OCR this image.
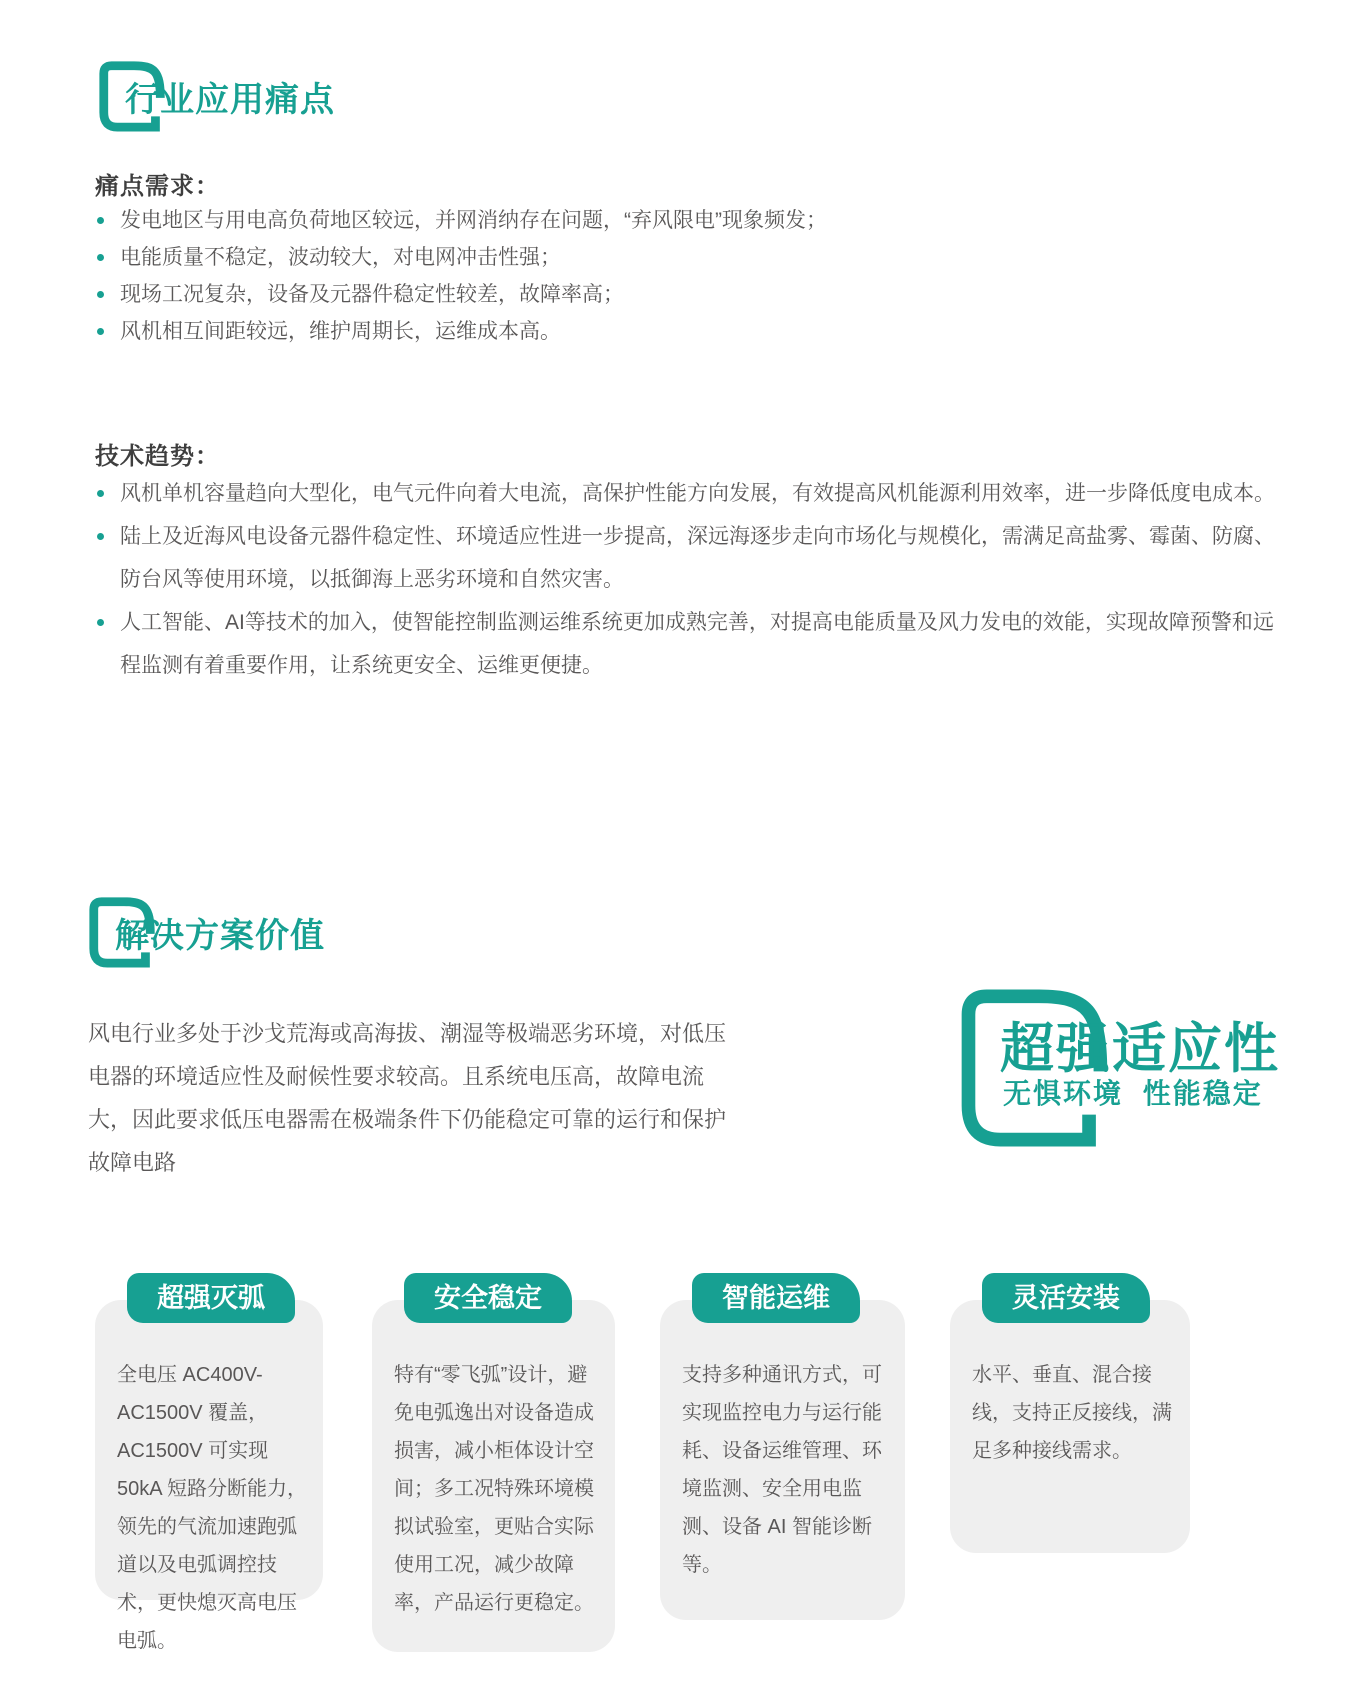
行业应用痛点
痛点需求：
发电地区与用电高负荷地区较远，并网消纳存在问题，“弃风限电”现象频发；
电能质量不稳定，波动较大，对电网冲击性强；
现场工况复杂，设备及元器件稳定性较差，故障率高；
风机相互间距较远，维护周期长，运维成本高。
技术趋势：
风机单机容量趋向大型化，电气元件向着大电流，高保护性能方向发展，有效提高风机能源利用效率，进一步降低度电成本。
陆上及近海风电设备元器件稳定性、环境适应性进一步提高，深远海逐步走向市场化与规模化，需满足高盐雾、霉菌、防腐、防台风等使用环境，以抵御海上恶劣环境和自然灾害。
人工智能、AI等技术的加入，使智能控制监测运维系统更加成熟完善，对提高电能质量及风力发电的效能，实现故障预警和远程监测有着重要作用，让系统更安全、运维更便捷。
解决方案价值

风电行业多处于沙戈荒海或高海拔、潮湿等极端恶劣环境，对低压电器的环境适应性及耐候性要求较高。且系统电压高，故障电流大，因此要求低压电器需在极端条件下仍能稳定可靠的运行和保护故障电路

超强适应性
无惧环境 性能稳定
超强灭弧

全电压 AC400V-AC1500V 覆盖，AC1500V 可实现 50kA 短路分断能力，领先的气流加速跑弧道以及电弧调控技术，更快熄灭高电压电弧。

安全稳定

特有“零飞弧”设计，避免电弧逸出对设备造成损害，减小柜体设计空间；多工况特殊环境模拟试验室，更贴合实际使用工况，减少故障率，产品运行更稳定。

智能运维

支持多种通讯方式，可实现监控电力与运行能耗、设备运维管理、环境监测、安全用电监测、设备 AI 智能诊断等。

灵活安装

水平、垂直、混合接线，支持正反接线，满足多种接线需求。
